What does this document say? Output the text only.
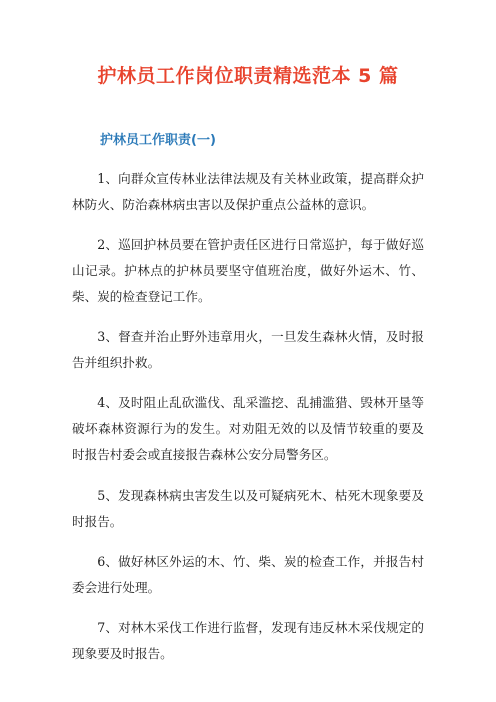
护林员工作岗位职责精选范本 5 篇
护林员工作职责(一)

1、向群众宣传林业法律法规及有关林业政策，提高群众护林防火、防治森林病虫害以及保护重点公益林的意识。

2、巡回护林员要在管护责任区进行日常巡护，每于做好巡山记录。护林点的护林员要坚守值班治度，做好外运木、竹、柴、炭的检查登记工作。

3、督查并治止野外违章用火，一旦发生森林火情，及时报告并组织扑救。

4、及时阻止乱砍滥伐、乱采滥挖、乱捕滥猎、毁林开垦等破坏森林资源行为的发生。对劝阻无效的以及情节较重的要及时报告村委会或直接报告森林公安分局警务区。

5、发现森林病虫害发生以及可疑病死木、枯死木现象要及时报告。

6、做好林区外运的木、竹、柴、炭的检查工作，并报告村委会进行处理。

7、对林木采伐工作进行监督，发现有违反林木采伐规定的现象要及时报告。
